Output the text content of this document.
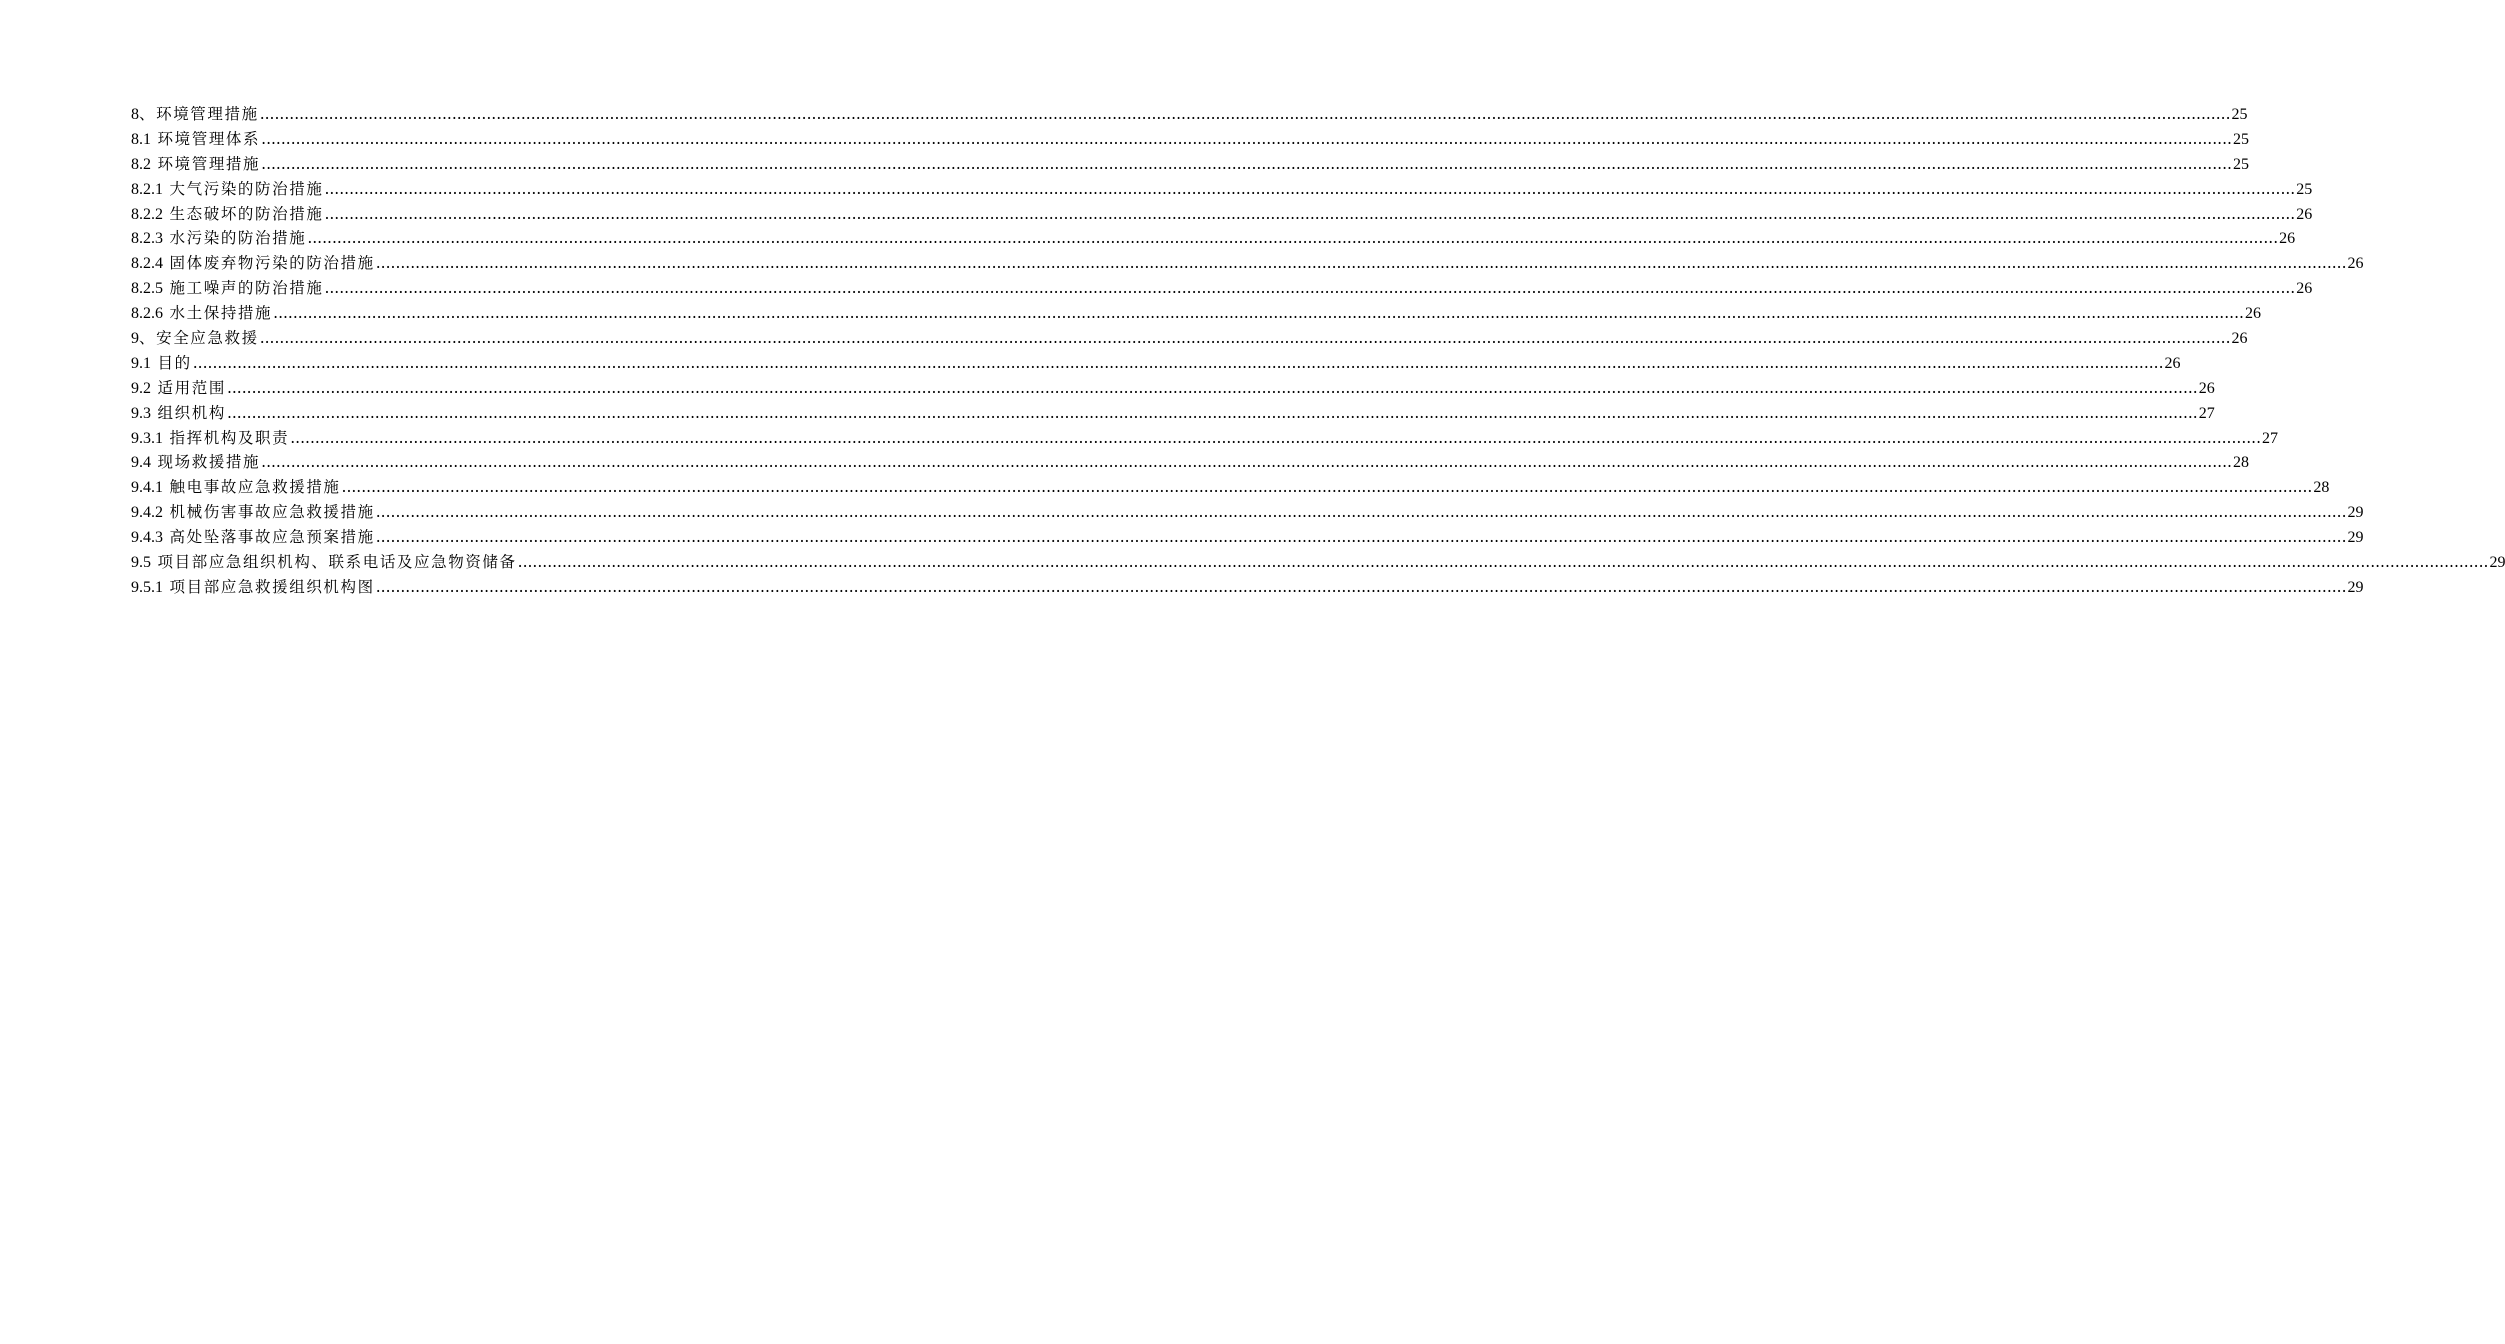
8、环境管理措施 ................................................................................................................................................................................................................................................................................................................................................................................................................ 25
8.1 环境管理体系 ................................................................................................................................................................................................................................................................................................................................................................................................................ 25
8.2 环境管理措施 ................................................................................................................................................................................................................................................................................................................................................................................................................ 25
8.2.1 大气污染的防治措施 ................................................................................................................................................................................................................................................................................................................................................................................................................ 25
8.2.2 生态破坏的防治措施 ................................................................................................................................................................................................................................................................................................................................................................................................................ 26
8.2.3 水污染的防治措施 ................................................................................................................................................................................................................................................................................................................................................................................................................ 26
8.2.4 固体废弃物污染的防治措施 ................................................................................................................................................................................................................................................................................................................................................................................................................ 26
8.2.5 施工噪声的防治措施 ................................................................................................................................................................................................................................................................................................................................................................................................................ 26
8.2.6 水土保持措施 ................................................................................................................................................................................................................................................................................................................................................................................................................ 26
9、安全应急救援 ................................................................................................................................................................................................................................................................................................................................................................................................................ 26
9.1 目的 ................................................................................................................................................................................................................................................................................................................................................................................................................ 26
9.2 适用范围 ................................................................................................................................................................................................................................................................................................................................................................................................................ 26
9.3 组织机构 ................................................................................................................................................................................................................................................................................................................................................................................................................ 27
9.3.1 指挥机构及职责 ................................................................................................................................................................................................................................................................................................................................................................................................................ 27
9.4 现场救援措施 ................................................................................................................................................................................................................................................................................................................................................................................................................ 28
9.4.1 触电事故应急救援措施 ................................................................................................................................................................................................................................................................................................................................................................................................................ 28
9.4.2 机械伤害事故应急救援措施 ................................................................................................................................................................................................................................................................................................................................................................................................................ 29
9.4.3 高处坠落事故应急预案措施 ................................................................................................................................................................................................................................................................................................................................................................................................................ 29
9.5 项目部应急组织机构、联系电话及应急物资储备 ................................................................................................................................................................................................................................................................................................................................................................................................................ 29
9.5.1 项目部应急救援组织机构图 ................................................................................................................................................................................................................................................................................................................................................................................................................ 29
